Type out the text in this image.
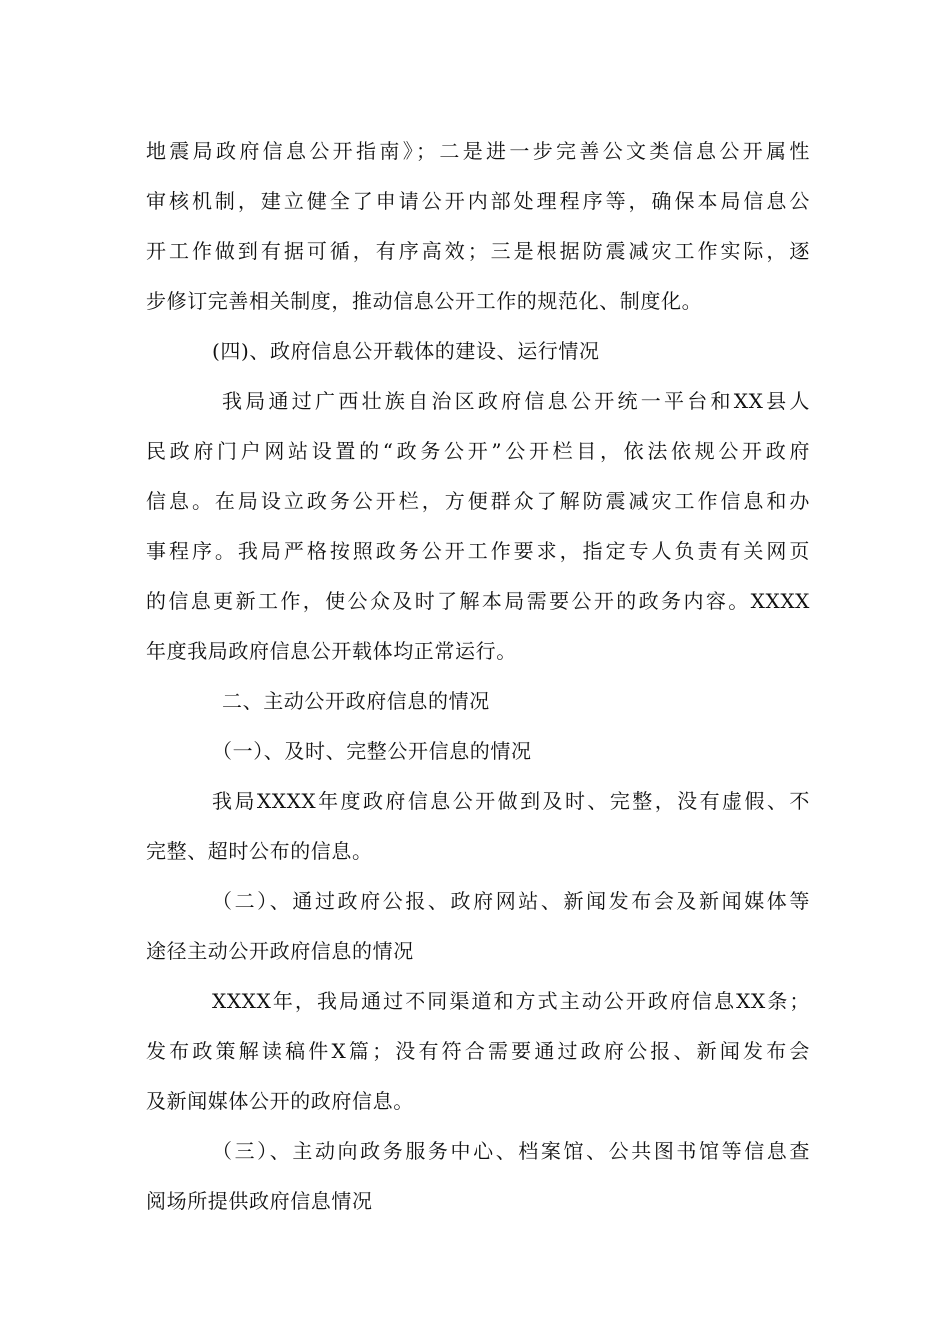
地震局政府信息公开指南》；二是进一步完善公文类信息公开属性
审核机制，建立健全了申请公开内部处理程序等，确保本局信息公
开工作做到有据可循，有序高效；三是根据防震减灾工作实际，逐
步修订完善相关制度，推动信息公开工作的规范化、制度化。
(四)、政府信息公开载体的建设、运行情况
我局通过广西壮族自治区政府信息公开统一平台和XX县人
民政府门户网站设置的“政务公开”公开栏目，依法依规公开政府
信息。在局设立政务公开栏，方便群众了解防震减灾工作信息和办
事程序。我局严格按照政务公开工作要求，指定专人负责有关网页
的信息更新工作，使公众及时了解本局需要公开的政务内容。XXXX
年度我局政府信息公开载体均正常运行。
二、主动公开政府信息的情况
（一）、及时、完整公开信息的情况
我局XXXX年度政府信息公开做到及时、完整，没有虚假、不
完整、超时公布的信息。
（二）、通过政府公报、政府网站、新闻发布会及新闻媒体等
途径主动公开政府信息的情况
XXXX年，我局通过不同渠道和方式主动公开政府信息XX条；
发布政策解读稿件X篇；没有符合需要通过政府公报、新闻发布会
及新闻媒体公开的政府信息。
（三）、主动向政务服务中心、档案馆、公共图书馆等信息查
阅场所提供政府信息情况
